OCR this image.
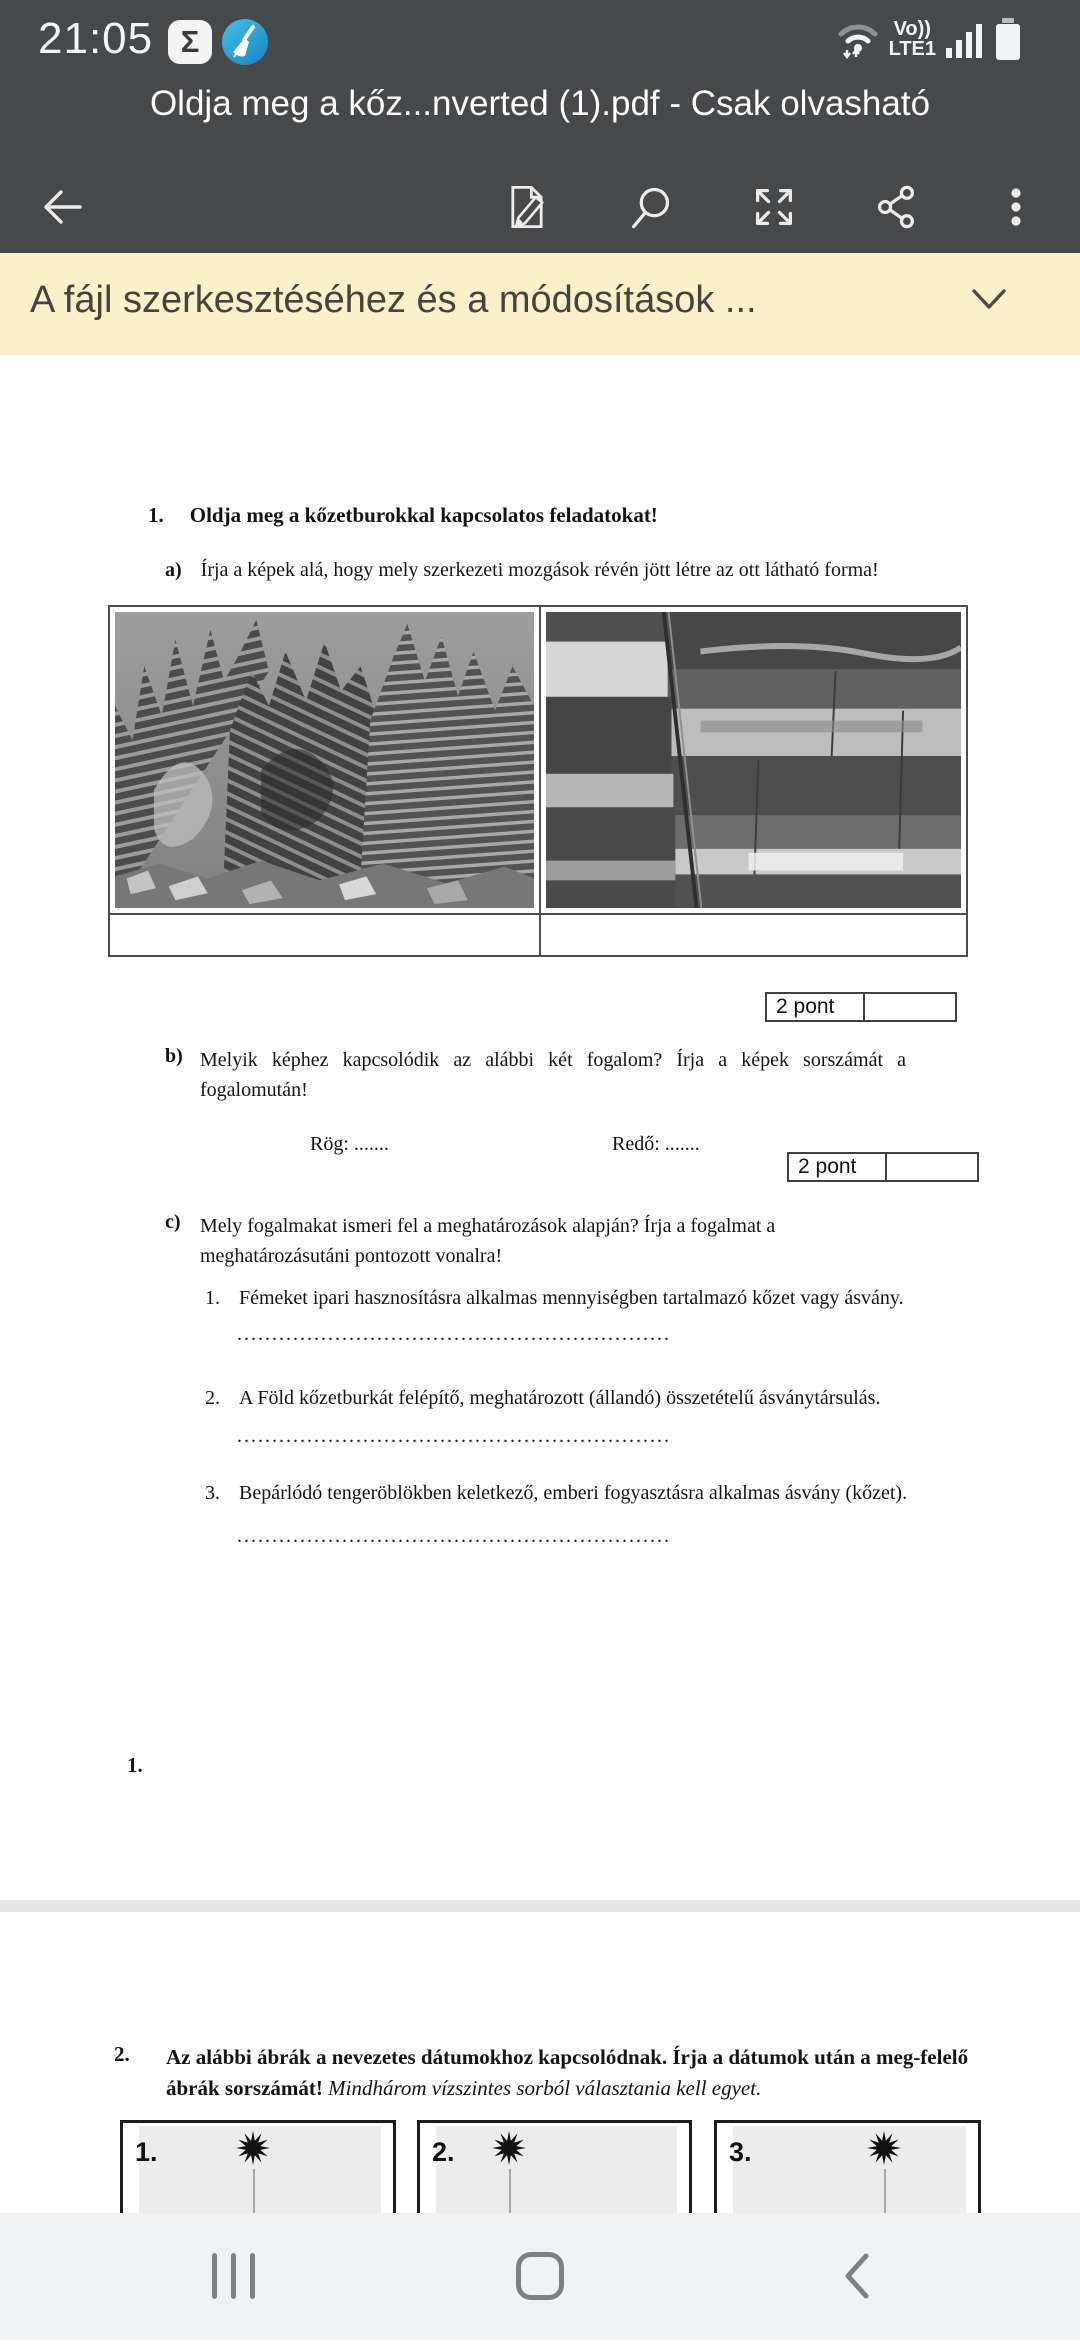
21:05 Σ	Vo))
LTE1
Oldja meg a kőz...nverted (1).pdf - Csak olvasható
A fájl szerkesztéséhez és a módosítások ...
1. Oldja meg a kőzetburokkal kapcsolatos feladatokat!
a) Írja a képek alá, hogy mely szerkezeti mozgások révén jött létre az ott látható forma!
2 pont
b) Melyik képhez kapcsolódik az alábbi két fogalom? Írja a képek sorszámát a fogalomután!
Rög: .......	Redő: .......
2 pont
c) Mely fogalmakat ismeri fel a meghatározások alapján? Írja a fogalmat a meghatározásutáni pontozott vonalra!
1. Fémeket ipari hasznosításra alkalmas mennyiségben tartalmazó kőzet vagy ásvány.
..............................................................
2. A Föld kőzetburkát felépítő, meghatározott (állandó) összetételű ásványtársulás.
..............................................................
3. Bepárlódó tengeröblökben keletkező, emberi fogyasztásra alkalmas ásvány (kőzet).
..............................................................
1.
2. Az alábbi ábrák a nevezetes dátumokhoz kapcsolódnak. Írja a dátumok után a meg-felelő ábrák sorszámát! Mindhárom vízszintes sorból választania kell egyet.
1.	2.	3.
